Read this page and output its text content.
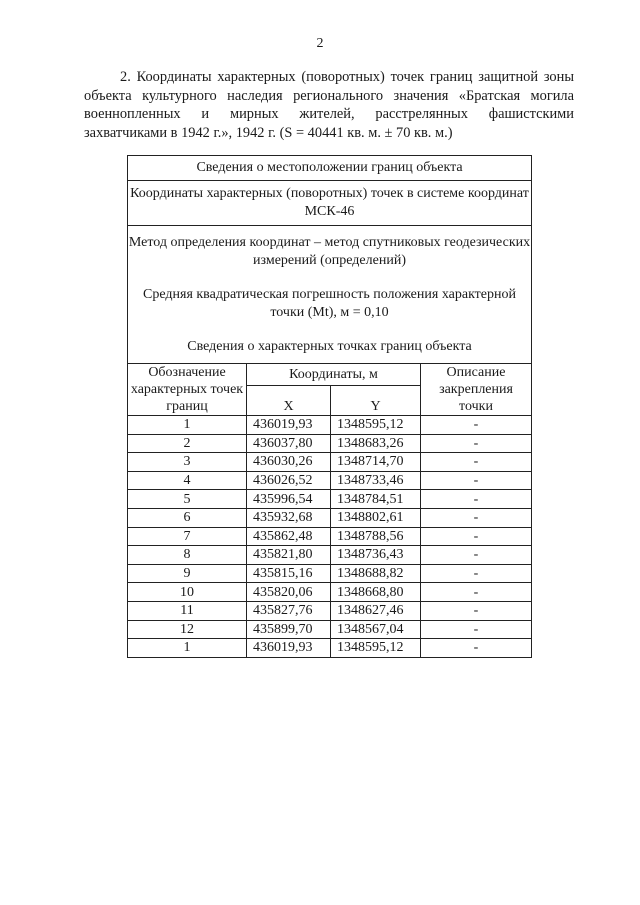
2

2. Координаты характерных (поворотных) точек границ защитной зоны объекта культурного наследия регионального значения «Братская могила военнопленных и мирных жителей, расстрелянных фашистскими захватчиками в 1942 г.», 1942 г. (S = 40441 кв. м. ± 70 кв. м.)

Сведения о местоположении границ объекта			
Координаты характерных (поворотных) точек в системе координат МСК-46			

Метод определения координат – метод спутниковых геодезических измерений (определений)

Средняя квадратическая погрешность положения характерной точки (Mt), м = 0,10

Сведения о характерных точках границ объекта			

Обозначение характерных точек границ	Координаты, м		Описание закрепления точки
	X	Y	
1	436019,93	1348595,12	-
2	436037,80	1348683,26	-
3	436030,26	1348714,70	-
4	436026,52	1348733,46	-
5	435996,54	1348784,51	-
6	435932,68	1348802,61	-
7	435862,48	1348788,56	-
8	435821,80	1348736,43	-
9	435815,16	1348688,82	-
10	435820,06	1348668,80	-
11	435827,76	1348627,46	-
12	435899,70	1348567,04	-
1	436019,93	1348595,12	-
